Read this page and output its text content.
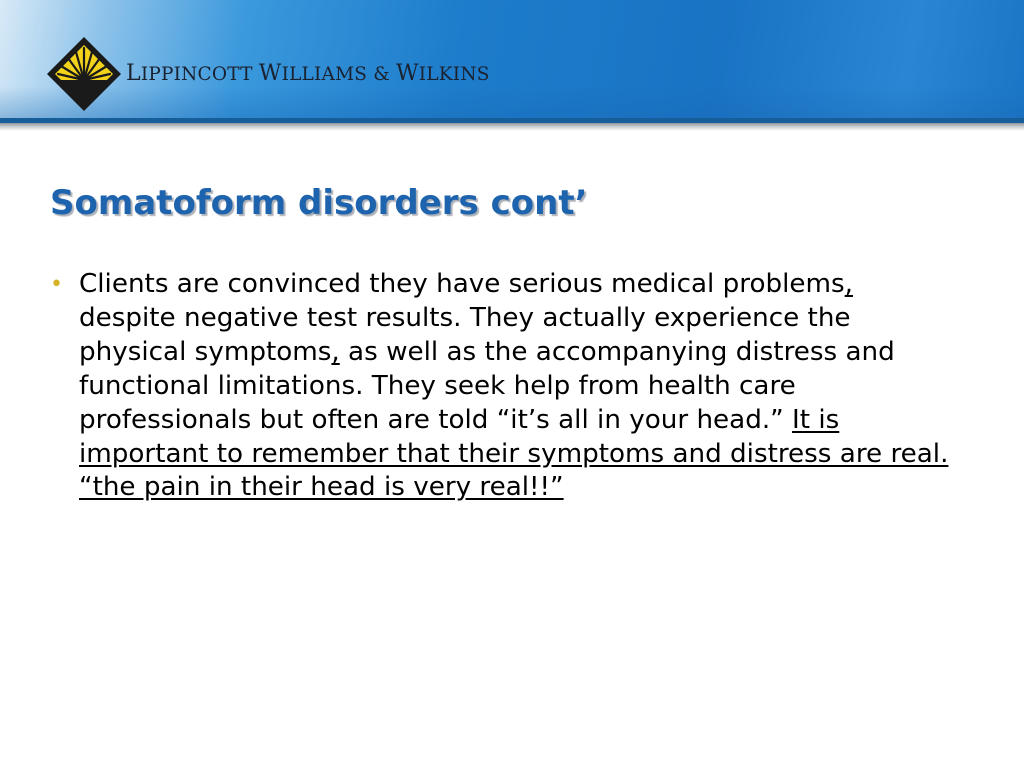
LIPPINCOTT WILLIAMS & WILKINS
Somatoform disorders cont’
• Clients are convinced they have serious medical problems, despite negative test results. They actually experience the physical symptoms, as well as the accompanying distress and functional limitations. They seek help from health care professionals but often are told “it’s all in your head.” It is important to remember that their symptoms and distress are real. “the pain in their head is very real!!”
